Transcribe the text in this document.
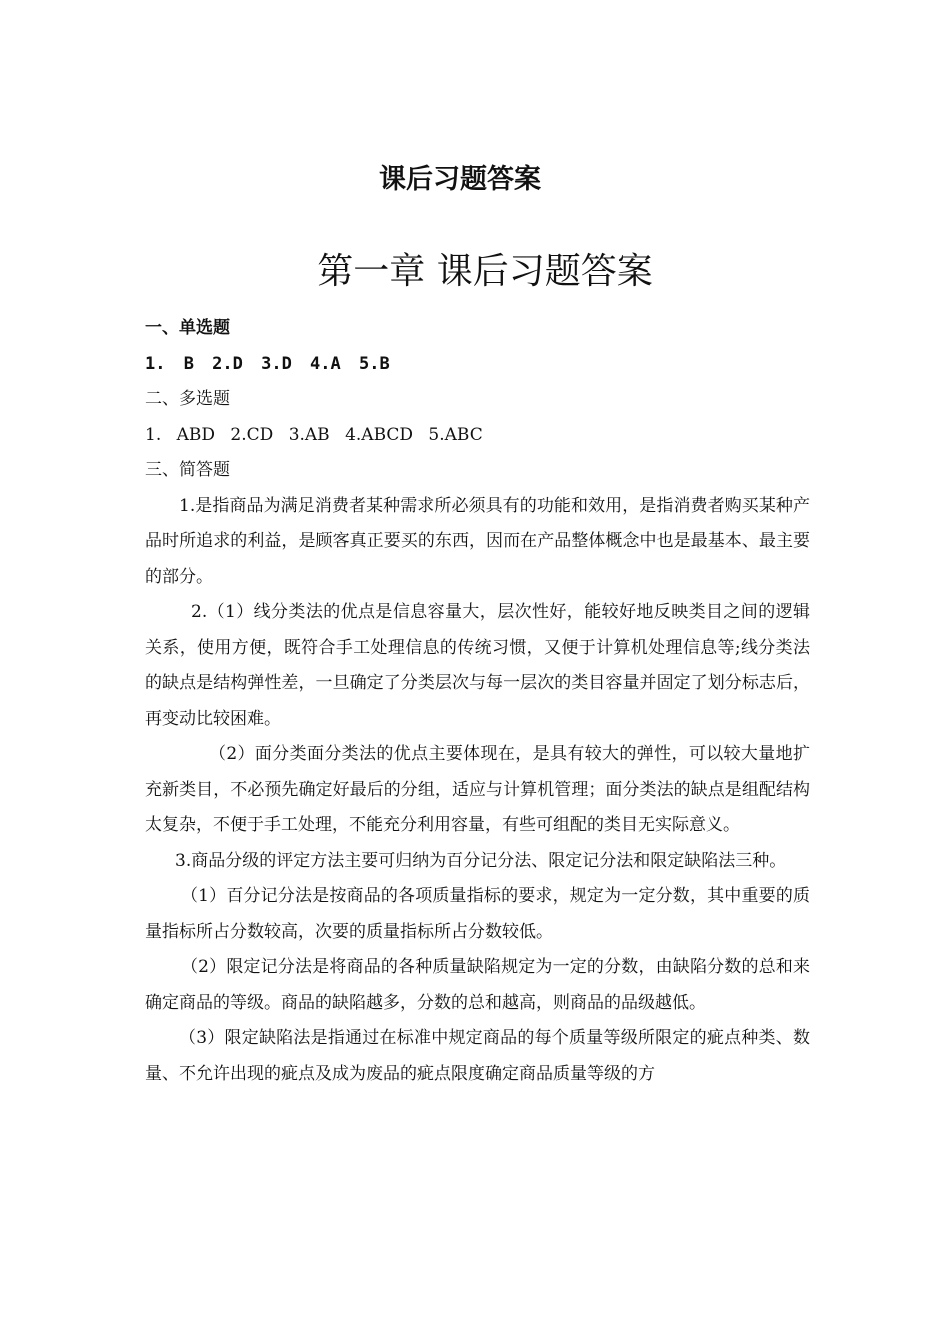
课后习题答案
第一章 课后习题答案

一、单选题

1. B 2.D 3.D 4.A 5.B

二、多选题

1. ABD 2.CD 3.AB 4.ABCD 5.ABC

三、简答题

1.是指商品为满足消费者某种需求所必须具有的功能和效用，是指消费者购买某种产品时所追求的利益，是顾客真正要买的东西，因而在产品整体概念中也是最基本、最主要的部分。

2.（1）线分类法的优点是信息容量大，层次性好，能较好地反映类目之间的逻辑关系，使用方便，既符合手工处理信息的传统习惯，又便于计算机处理信息等;线分类法的缺点是结构弹性差，一旦确定了分类层次与每一层次的类目容量并固定了划分标志后，再变动比较困难。

（2）面分类面分类法的优点主要体现在，是具有较大的弹性，可以较大量地扩充新类目，不必预先确定好最后的分组，适应与计算机管理；面分类法的缺点是组配结构太复杂，不便于手工处理，不能充分利用容量，有些可组配的类目无实际意义。

3.商品分级的评定方法主要可归纳为百分记分法、限定记分法和限定缺陷法三种。

（1）百分记分法是按商品的各项质量指标的要求，规定为一定分数，其中重要的质量指标所占分数较高，次要的质量指标所占分数较低。

（2）限定记分法是将商品的各种质量缺陷规定为一定的分数，由缺陷分数的总和来确定商品的等级。商品的缺陷越多，分数的总和越高，则商品的品级越低。

（3）限定缺陷法是指通过在标准中规定商品的每个质量等级所限定的疵点种类、数量、不允许出现的疵点及成为废品的疵点限度确定商品质量等级的方
